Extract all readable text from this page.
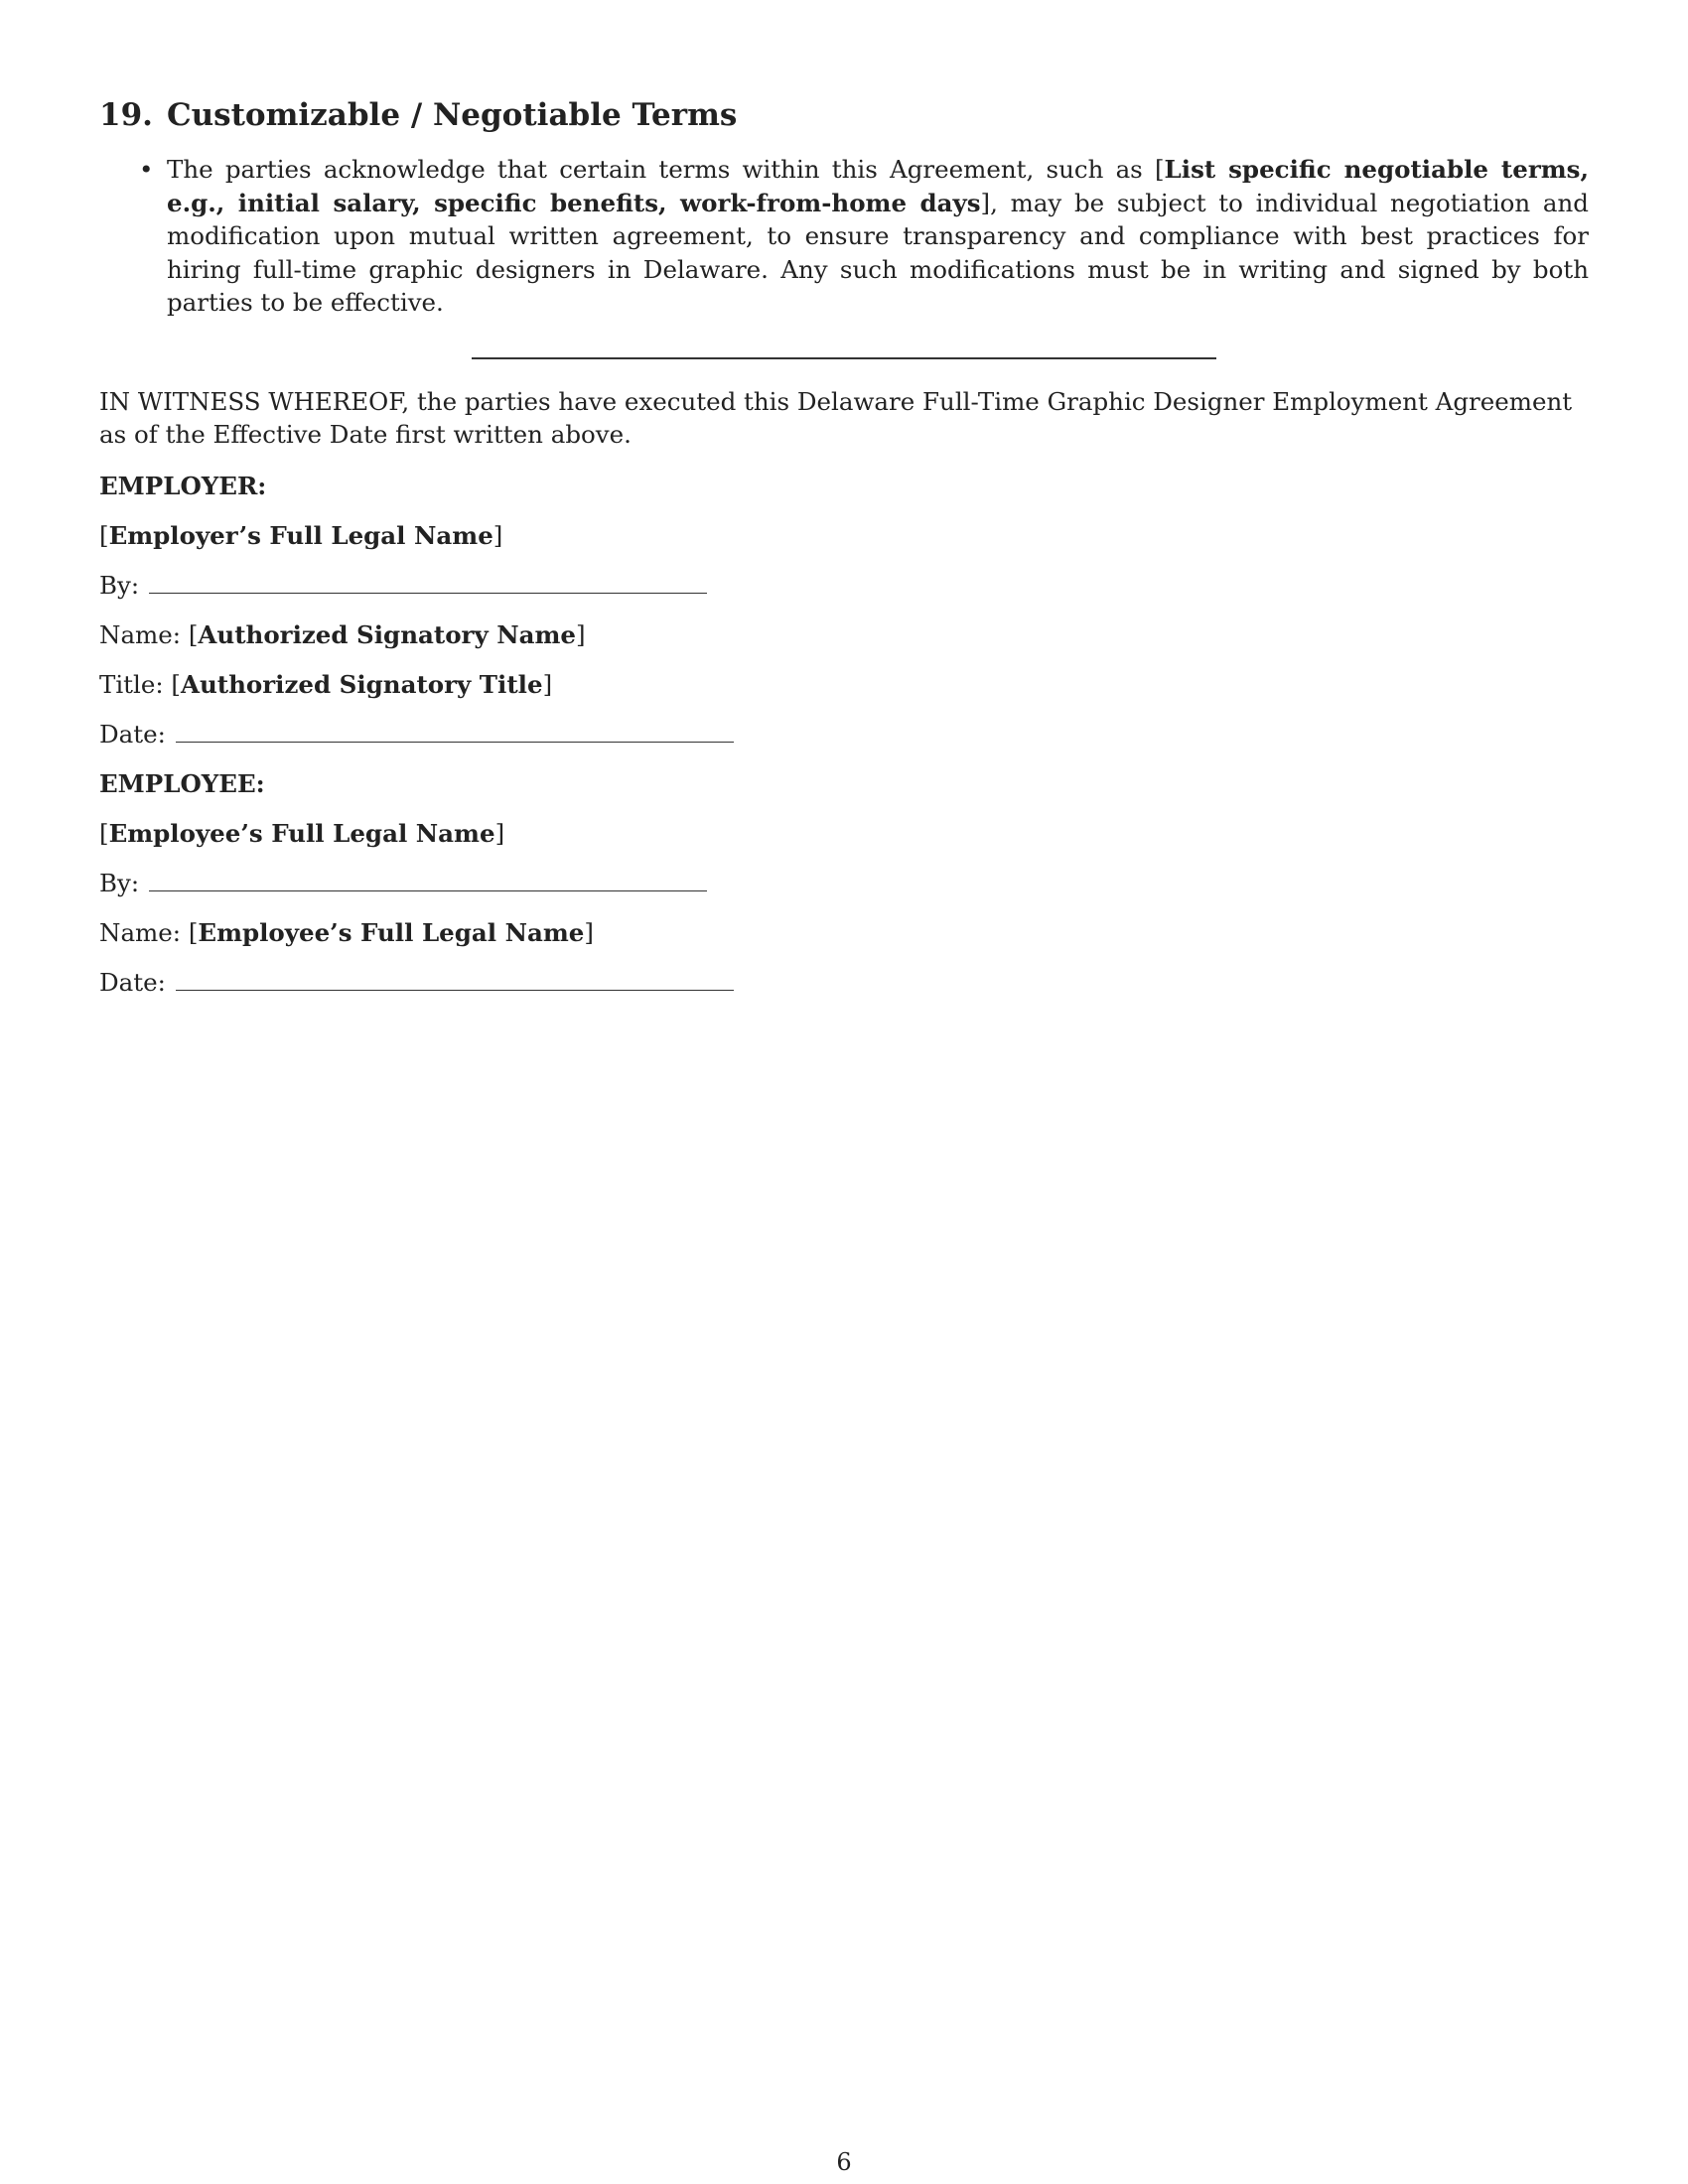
19. Customizable / Negotiable Terms
• The parties acknowledge that certain terms within this Agreement, such as [List specific negotiable terms, e.g., initial salary, specific benefits, work-from-home days], may be subject to individual negotiation and modification upon mutual written agreement, to ensure transparency and compliance with best practices for hiring full-time graphic designers in Delaware. Any such modifications must be in writing and signed by both parties to be effective.

IN WITNESS WHEREOF, the parties have executed this Delaware Full-Time Graphic Designer Employment Agreement as of the Effective Date first written above.

EMPLOYER:
[Employer’s Full Legal Name]
By:
Name: [Authorized Signatory Name]
Title: [Authorized Signatory Title]
Date:
EMPLOYEE:
[Employee’s Full Legal Name]
By:
Name: [Employee’s Full Legal Name]
Date:
6
